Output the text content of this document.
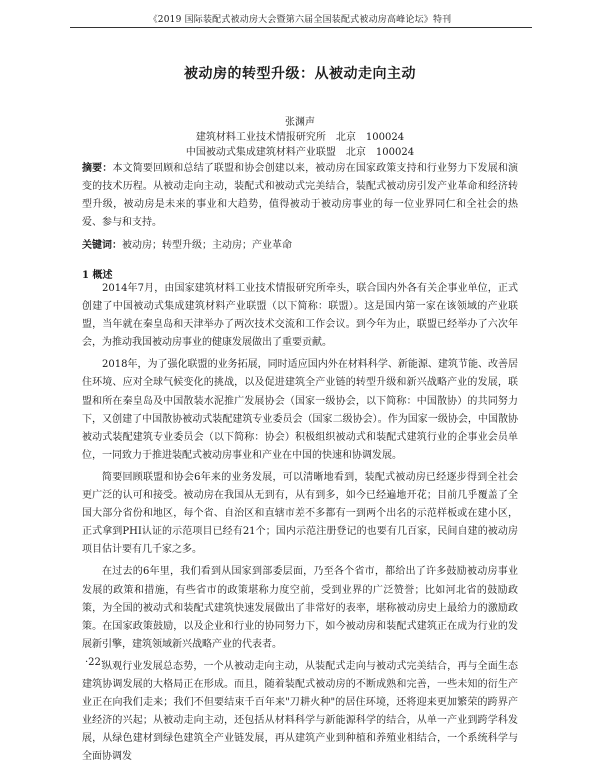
《2019 国际装配式被动房大会暨第六届全国装配式被动房高峰论坛》特刊
被动房的转型升级：从被动走向主动
张渊声
建筑材料工业技术情报研究所　北京　100024
中国被动式集成建筑材料产业联盟　北京　100024
摘要：本文简要回顾和总结了联盟和协会创建以来，被动房在国家政策支持和行业努力下发展和演变的技术历程。从被动走向主动，装配式和被动式完美结合，装配式被动房引发产业革命和经济转型升级，被动房是未来的事业和大趋势，值得被动于被动房事业的每一位业界同仁和全社会的热爱、参与和支持。
关键词：被动房；转型升级；主动房；产业革命
1 概述

2014年7月，由国家建筑材料工业技术情报研究所牵头，联合国内外各有关企事业单位，正式创建了中国被动式集成建筑材料产业联盟（以下简称：联盟）。这是国内第一家在该领域的产业联盟，当年就在秦皇岛和天津举办了两次技术交流和工作会议。到今年为止，联盟已经举办了六次年会，为推动我国被动房事业的健康发展做出了重要贡献。

2018年，为了强化联盟的业务拓展，同时适应国内外在材料科学、新能源、建筑节能、改善居住环境、应对全球气候变化的挑战，以及促进建筑全产业链的转型升级和新兴战略产业的发展，联盟和所在秦皇岛及中国散装水泥推广发展协会（国家一级协会，以下简称：中国散协）的共同努力下，又创建了中国散协被动式装配建筑专业委员会（国家二级协会）。作为国家一级协会，中国散协被动式装配建筑专业委员会（以下简称：协会）积极组织被动式和装配式建筑行业的企事业会员单位，一同致力于推进装配式被动房事业和产业在中国的快速和协调发展。

简要回顾联盟和协会6年来的业务发展，可以清晰地看到，装配式被动房已经逐步得到全社会更广泛的认可和接受。被动房在我国从无到有，从有到多，如今已经遍地开花；目前几乎覆盖了全国大部分省份和地区，每个省、自治区和直辖市差不多都有一到两个出名的示范样板或在建小区，正式拿到PHI认证的示范项目已经有21个；国内示范注册登记的也要有几百家，民间自建的被动房项目估计要有几千家之多。

在过去的6年里，我们看到从国家到部委层面，乃至各个省市，都给出了许多鼓励被动房事业发展的政策和措施，有些省市的政策堪称力度空前，受到业界的广泛赞誉；比如河北省的鼓励政策，为全国的被动式和装配式建筑快速发展做出了非常好的表率，堪称被动房史上最给力的激励政策。在国家政策鼓励，以及企业和行业的协同努力下，如今被动房和装配式建筑正在成为行业的发展新引擎，建筑领域新兴战略产业的代表者。

纵观行业发展总态势，一个从被动走向主动，从装配式走向与被动式完美结合，再与全面生态建筑协调发展的大格局正在形成。而且，随着装配式被动房的不断成熟和完善，一些未知的衍生产业正在向我们走来；我们不但要结束千百年来"刀耕火种"的居住环境，还将迎来更加繁荣的跨界产业经济的兴起；从被动走向主动，还包括从材料科学与新能源科学的结合，从单一产业到跨学科发展，从绿色建材到绿色建筑全产业链发展，再从建筑产业到种植和养殖业相结合，一个系统科学与全面协调发

·22·
